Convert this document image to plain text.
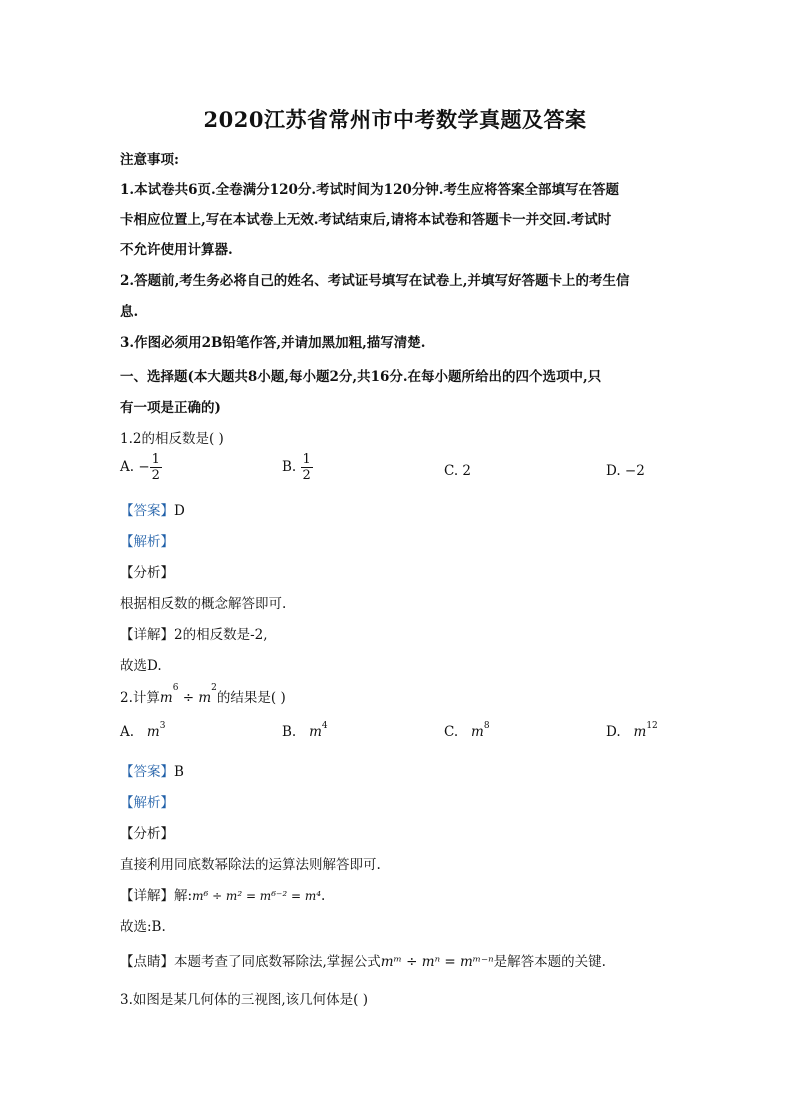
2020江苏省常州市中考数学真题及答案
注意事项:
1.本试卷共6页.全卷满分120分.考试时间为120分钟.考生应将答案全部填写在答题
卡相应位置上,写在本试卷上无效.考试结束后,请将本试卷和答题卡一并交回.考试时
不允许使用计算器.
2.答题前,考生务必将自己的姓名、考试证号填写在试卷上,并填写好答题卡上的考生信
息.
3.作图必须用2B铅笔作答,并请加黑加粗,描写清楚.
一、选择题(本大题共8小题,每小题2分,共16分.在每小题所给出的四个选项中,只
有一项是正确的)
1.2的相反数是( )
A. − $\frac{1}{2}$	B. $\frac{1}{2}$	C. 2	D. −2
【答案】D
【解析】
【分析】
根据相反数的概念解答即可.
【详解】2的相反数是-2,
故选D.
2.计算$m^6 \div m^2$的结果是( )
A. $m^3$	B. $m^4$	C. $m^8$	D. $m^{12}$
【答案】B
【解析】
【分析】
直接利用同底数幂除法的运算法则解答即可.
【详解】解:m⁶ ÷ m² = m⁶⁻² = m⁴.
故选:B.
【点睛】本题考查了同底数幂除法,掌握公式mᵐ ÷ mⁿ = mᵐ⁻ⁿ是解答本题的关键.
3.如图是某几何体的三视图,该几何体是( )
